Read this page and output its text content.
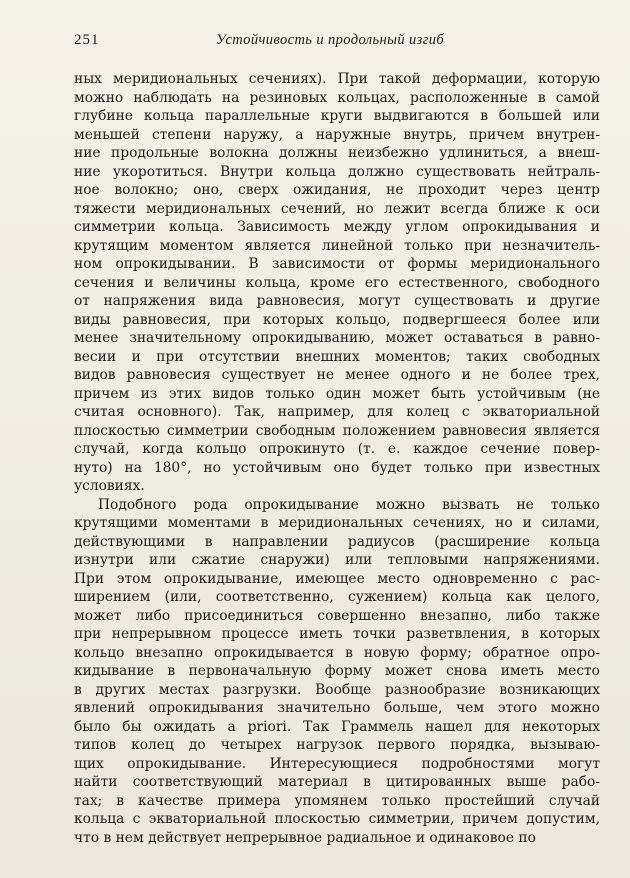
251	Устойчивость и продольный изгиб
ных меридиональных сечениях). При такой деформации, которую
можно наблюдать на резиновых кольцах, расположенные в самой
глубине кольца параллельные круги выдвигаются в большей или
меньшей степени наружу, а наружные внутрь, причем внутрен-
ние продольные волокна должны неизбежно удлиниться, а внеш-
ние укоротиться. Внутри кольца должно существовать нейтраль-
ное волокно; оно, сверх ожидания, не проходит через центр
тяжести меридиональных сечений, но лежит всегда ближе к оси
симметрии кольца. Зависимость между углом опрокидывания и
крутящим моментом является линейной только при незначитель-
ном опрокидывании. В зависимости от формы меридионального
сечения и величины кольца, кроме его естественного, свободного
от напряжения вида равновесия, могут существовать и другие
виды равновесия, при которых кольцо, подвергшееся более или
менее значительному опрокидыванию, может оставаться в равно-
весии и при отсутствии внешних моментов; таких свободных
видов равновесия существует не менее одного и не более трех,
причем из этих видов только один может быть устойчивым (не
считая основного). Так, например, для колец с экваториальной
плоскостью симметрии свободным положением равновесия является
случай, когда кольцо опрокинуто (т. е. каждое сечение повер-
нуто) на 180°, но устойчивым оно будет только при известных
условиях.
Подобного рода опрокидывание можно вызвать не только
крутящими моментами в меридиональных сечениях, но и силами,
действующими в направлении радиусов (расширение кольца
изнутри или сжатие снаружи) или тепловыми напряжениями.
При этом опрокидывание, имеющее место одновременно с рас-
ширением (или, соответственно, сужением) кольца как целого,
может либо присоединиться совершенно внезапно, либо также
при непрерывном процессе иметь точки разветвления, в которых
кольцо внезапно опрокидывается в новую форму; обратное опро-
кидывание в первоначальную форму может снова иметь место
в других местах разгрузки. Вообще разнообразие возникающих
явлений опрокидывания значительно больше, чем этого можно
было бы ожидать a priori. Так Граммель нашел для некоторых
типов колец до четырех нагрузок первого порядка, вызываю-
щих опрокидывание. Интересующиеся подробностями могут
найти соответствующий материал в цитированных выше рабо-
тах; в качестве примера упомянем только простейший случай
кольца с экваториальной плоскостью симметрии, причем допустим,
что в нем действует непрерывное радиальное и одинаковое по
